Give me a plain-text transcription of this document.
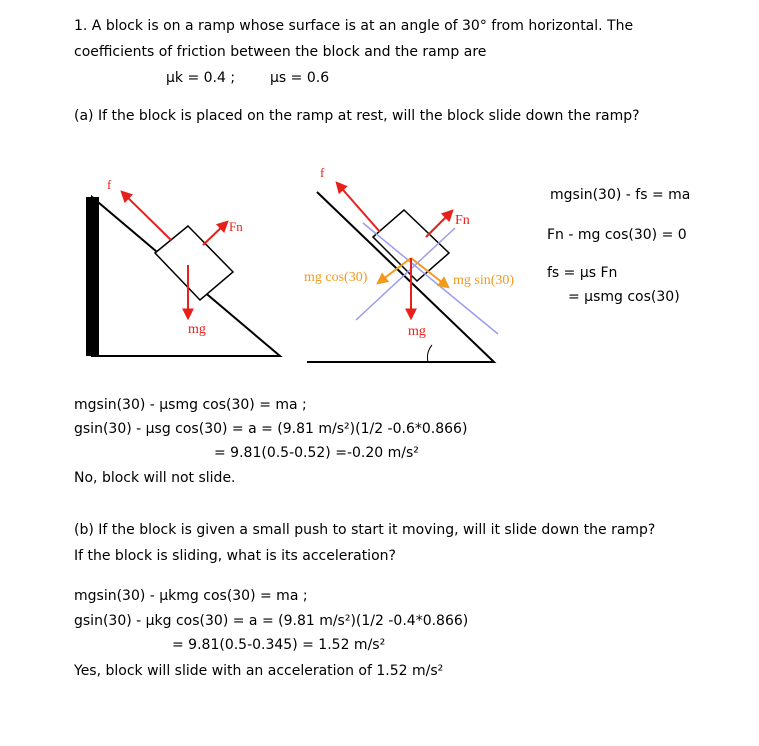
1. A block is on a ramp whose surface is at an angle of 30° from horizontal. The
coefficients of friction between the block and the ramp are
μk = 0.4 ; μs = 0.6
(a) If the block is placed on the ramp at rest, will the block slide down the ramp?
f
Fn
mg
f
Fn
mg
mg cos(30)	mg sin(30)
mgsin(30) - fs = ma
Fn - mg cos(30) = 0
fs = μs Fn
= μsmg cos(30)
mgsin(30) - μsmg cos(30) = ma ;
gsin(30) - μsg cos(30) = a = (9.81 m/s²)(1/2 -0.6*0.866)
= 9.81(0.5-0.52) =-0.20 m/s²
No, block will not slide.
(b) If the block is given a small push to start it moving, will it slide down the ramp?
If the block is sliding, what is its acceleration?
mgsin(30) - μkmg cos(30) = ma ;
gsin(30) - μkg cos(30) = a = (9.81 m/s²)(1/2 -0.4*0.866)
= 9.81(0.5-0.345) = 1.52 m/s²
Yes, block will slide with an acceleration of 1.52 m/s²
